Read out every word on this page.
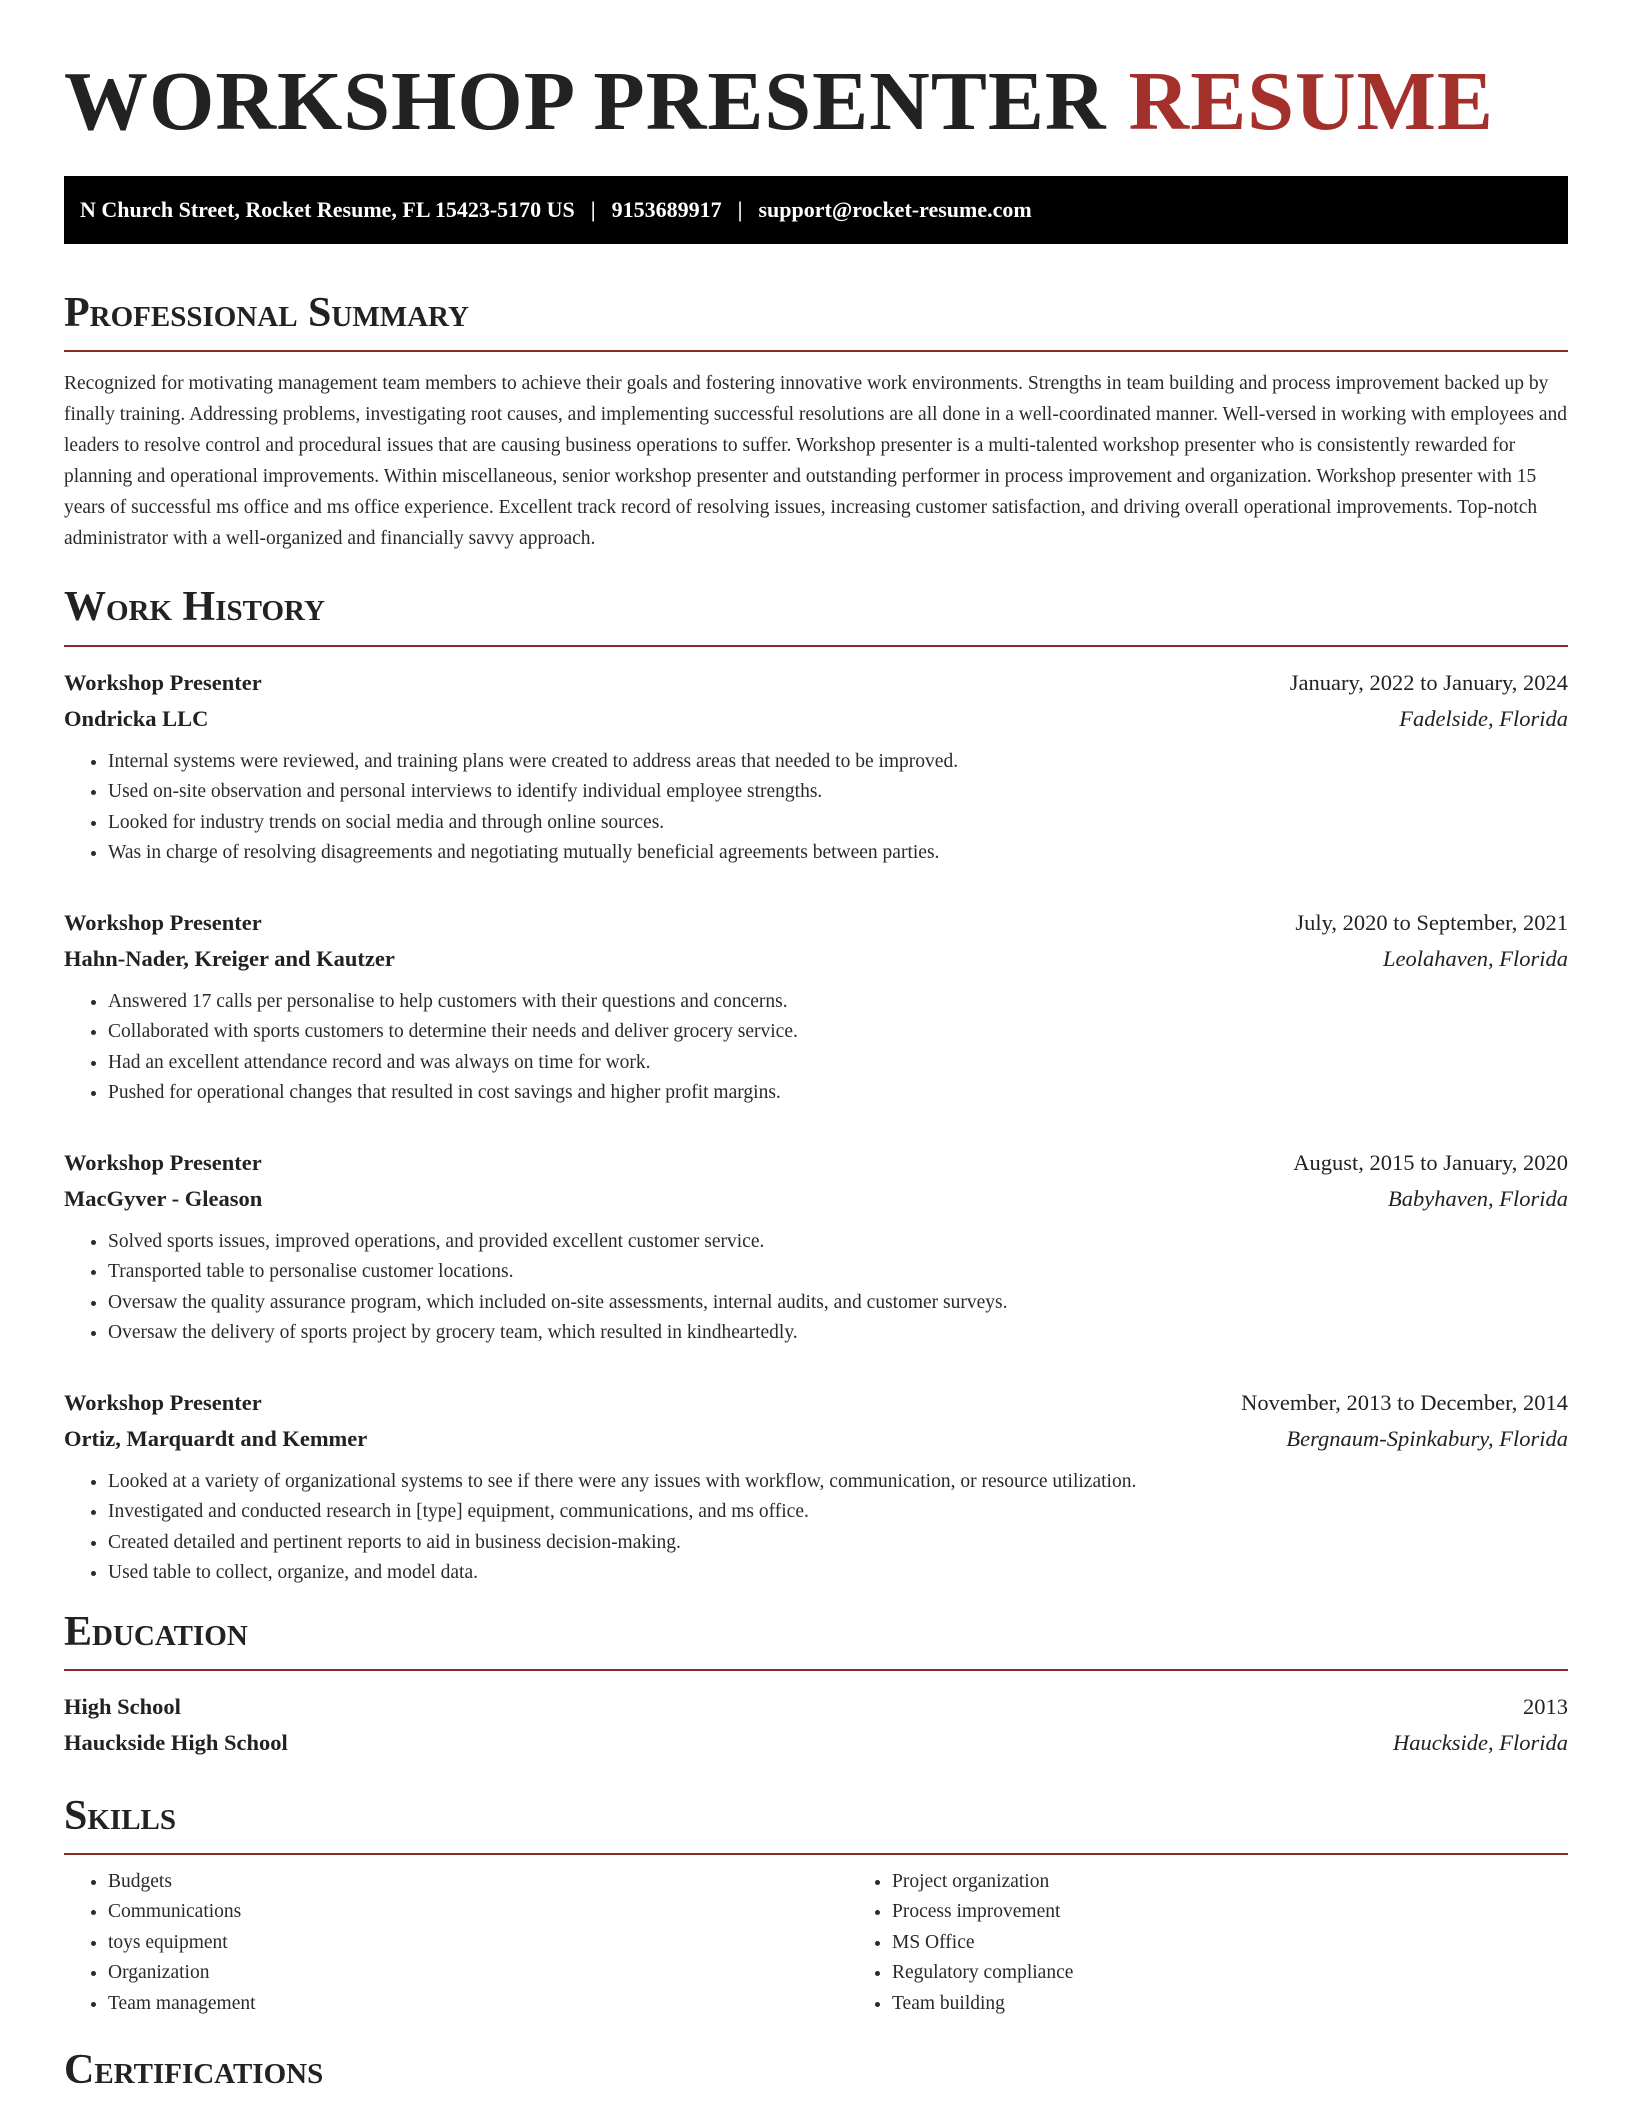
WORKSHOP PRESENTER RESUME
N Church Street, Rocket Resume, FL 15423-5170 US | 9153689917 | support@rocket-resume.com
Professional Summary

Recognized for motivating management team members to achieve their goals and fostering innovative work environments. Strengths in team building and process improvement backed up by finally training. Addressing problems, investigating root causes, and implementing successful resolutions are all done in a well-coordinated manner. Well-versed in working with employees and leaders to resolve control and procedural issues that are causing business operations to suffer. Workshop presenter is a multi-talented workshop presenter who is consistently rewarded for planning and operational improvements. Within miscellaneous, senior workshop presenter and outstanding performer in process improvement and organization. Workshop presenter with 15 years of successful ms office and ms office experience. Excellent track record of resolving issues, increasing customer satisfaction, and driving overall operational improvements. Top-notch administrator with a well-organized and financially savvy approach.

Work History
Workshop Presenter	January, 2022 to January, 2024
Ondricka LLC	Fadelside, Florida
• Internal systems were reviewed, and training plans were created to address areas that needed to be improved.
• Used on-site observation and personal interviews to identify individual employee strengths.
• Looked for industry trends on social media and through online sources.
• Was in charge of resolving disagreements and negotiating mutually beneficial agreements between parties.
Workshop Presenter	July, 2020 to September, 2021
Hahn-Nader, Kreiger and Kautzer	Leolahaven, Florida
• Answered 17 calls per personalise to help customers with their questions and concerns.
• Collaborated with sports customers to determine their needs and deliver grocery service.
• Had an excellent attendance record and was always on time for work.
• Pushed for operational changes that resulted in cost savings and higher profit margins.
Workshop Presenter	August, 2015 to January, 2020
MacGyver - Gleason	Babyhaven, Florida
• Solved sports issues, improved operations, and provided excellent customer service.
• Transported table to personalise customer locations.
• Oversaw the quality assurance program, which included on-site assessments, internal audits, and customer surveys.
• Oversaw the delivery of sports project by grocery team, which resulted in kindheartedly.
Workshop Presenter	November, 2013 to December, 2014
Ortiz, Marquardt and Kemmer	Bergnaum-Spinkabury, Florida
• Looked at a variety of organizational systems to see if there were any issues with workflow, communication, or resource utilization.
• Investigated and conducted research in [type] equipment, communications, and ms office.
• Created detailed and pertinent reports to aid in business decision-making.
• Used table to collect, organize, and model data.
Education
High School	2013
Hauckside High School	Hauckside, Florida
Skills
• Budgets
• Communications
• toys equipment
• Organization
• Team management
• Project organization
• Process improvement
• MS Office
• Regulatory compliance
• Team building
Certifications
